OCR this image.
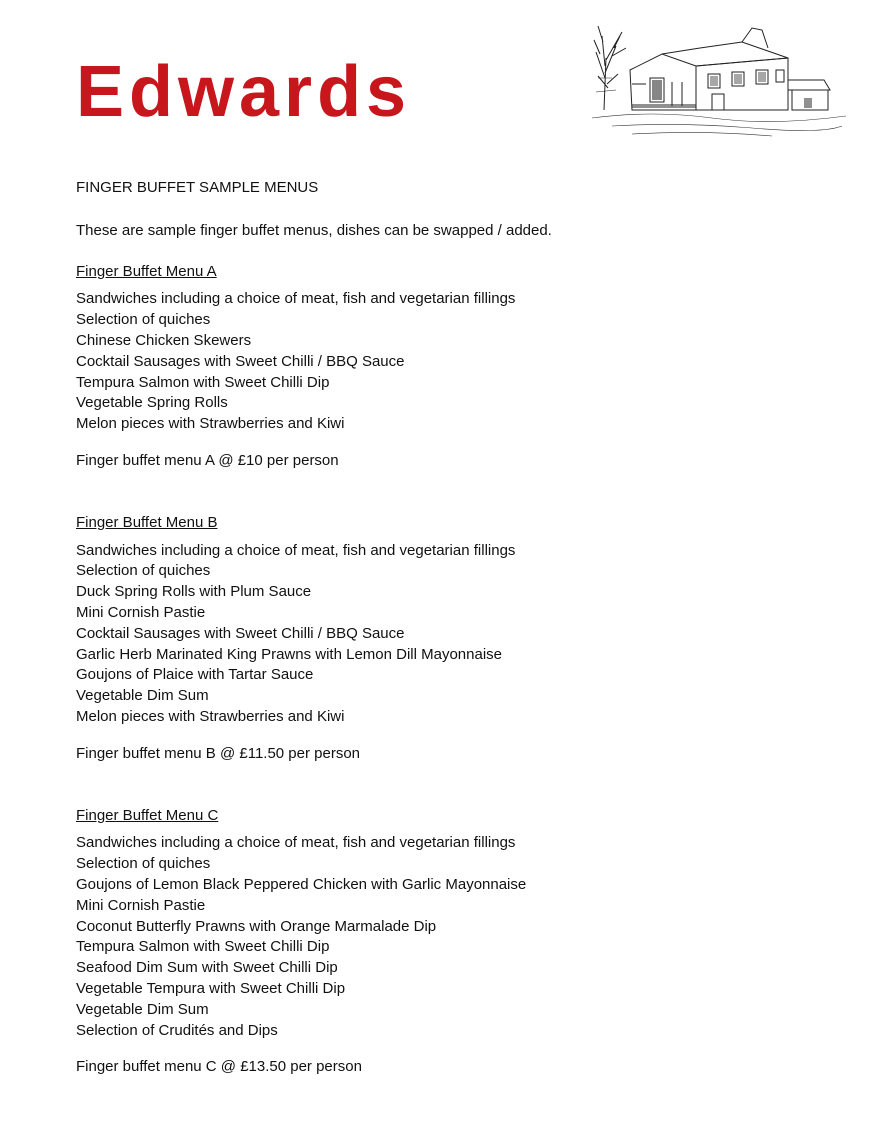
Edwards

FINGER BUFFET SAMPLE MENUS

These are sample finger buffet menus, dishes can be swapped / added.

Finger Buffet Menu A

Sandwiches including a choice of meat, fish and vegetarian fillings
Selection of quiches
Chinese Chicken Skewers
Cocktail Sausages with Sweet Chilli / BBQ Sauce
Tempura Salmon with Sweet Chilli Dip
Vegetable Spring Rolls
Melon pieces with Strawberries and Kiwi

Finger buffet menu A @ £10 per person

Finger Buffet Menu B

Sandwiches including a choice of meat, fish and vegetarian fillings
Selection of quiches
Duck Spring Rolls with Plum Sauce
Mini Cornish Pastie
Cocktail Sausages with Sweet Chilli / BBQ Sauce
Garlic Herb Marinated King Prawns with Lemon Dill Mayonnaise
Goujons of Plaice with Tartar Sauce
Vegetable Dim Sum
Melon pieces with Strawberries and Kiwi

Finger buffet menu B @ £11.50 per person

Finger Buffet Menu C

Sandwiches including a choice of meat, fish and vegetarian fillings
Selection of quiches
Goujons of Lemon Black Peppered Chicken with Garlic Mayonnaise
Mini Cornish Pastie
Coconut Butterfly Prawns with Orange Marmalade Dip
Tempura Salmon with Sweet Chilli Dip
Seafood Dim Sum with Sweet Chilli Dip
Vegetable Tempura with Sweet Chilli Dip
Vegetable Dim Sum
Selection of Crudités and Dips

Finger buffet menu C @ £13.50 per person
